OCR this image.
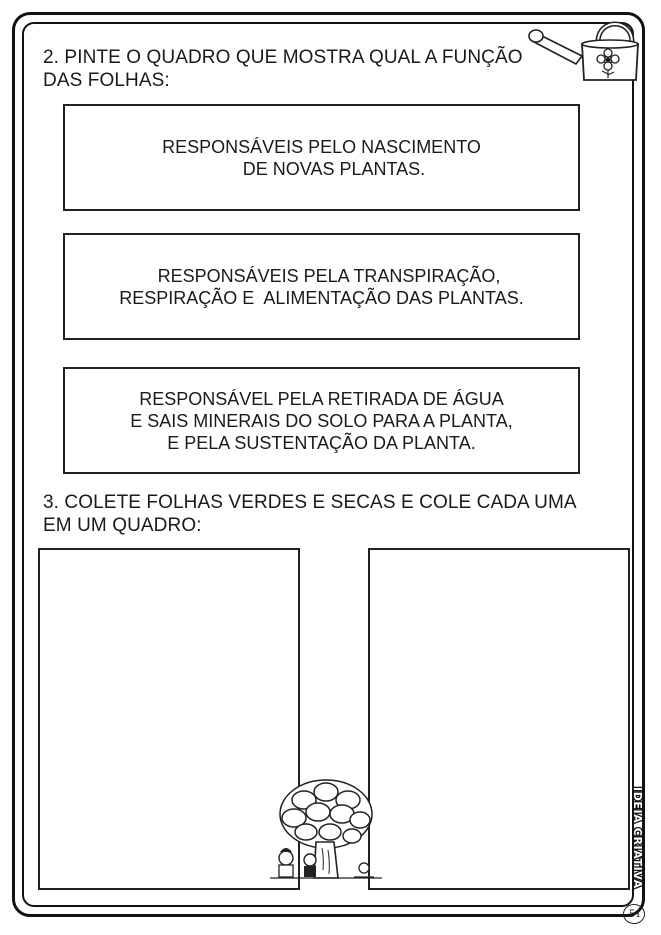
2. PINTE O QUADRO QUE MOSTRA QUAL A FUNÇÃO
DAS FOLHAS:

RESPONSÁVEIS PELO NASCIMENTO
DE NOVAS PLANTAS.
RESPONSÁVEIS PELA TRANSPIRAÇÃO,
RESPIRAÇÃO E  ALIMENTAÇÃO DAS PLANTAS.
RESPONSÁVEL PELA RETIRADA DE ÁGUA
E SAIS MINERAIS DO SOLO PARA A PLANTA,
E PELA SUSTENTAÇÃO DA PLANTA.

3. COLETE FOLHAS VERDES E SECAS E COLE CADA UMA
EM UM QUADRO:

IDEIA CRIATIVA
51
